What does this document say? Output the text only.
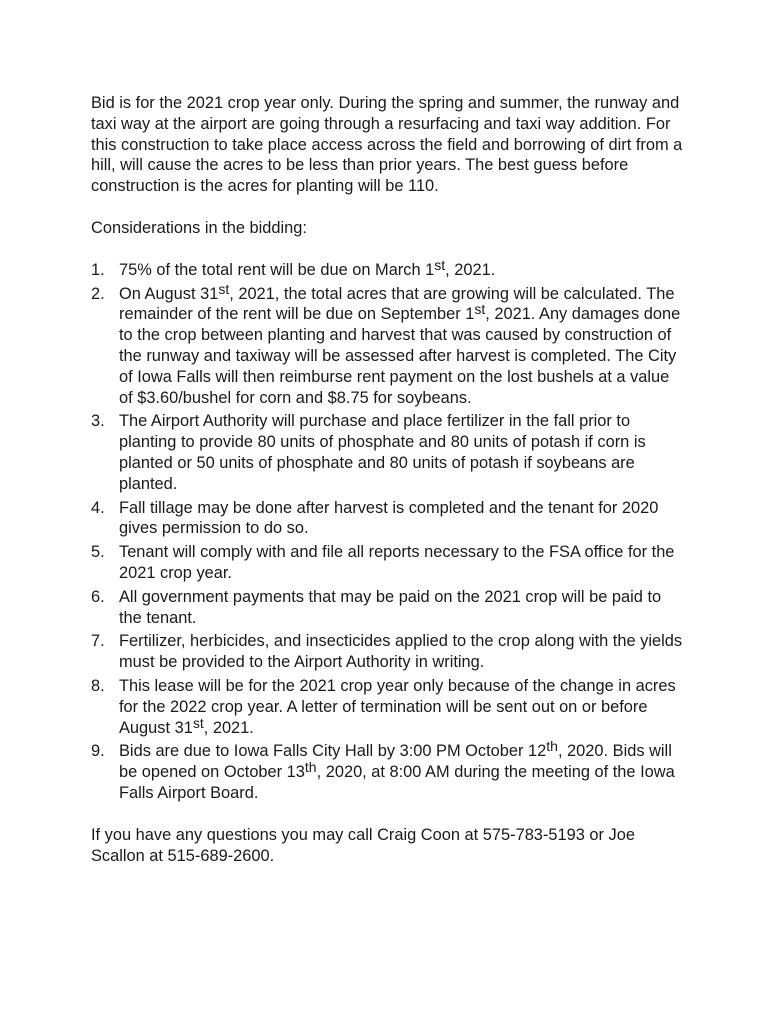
Bid is for the 2021 crop year only. During the spring and summer, the runway and taxi way at the airport are going through a resurfacing and taxi way addition. For this construction to take place access across the field and borrowing of dirt from a hill, will cause the acres to be less than prior years. The best guess before construction is the acres for planting will be 110.

Considerations in the bidding:

1. 75% of the total rent will be due on March 1st, 2021.
2. On August 31st, 2021, the total acres that are growing will be calculated. The remainder of the rent will be due on September 1st, 2021. Any damages done to the crop between planting and harvest that was caused by construction of the runway and taxiway will be assessed after harvest is completed. The City of Iowa Falls will then reimburse rent payment on the lost bushels at a value of $3.60/bushel for corn and $8.75 for soybeans.
3. The Airport Authority will purchase and place fertilizer in the fall prior to planting to provide 80 units of phosphate and 80 units of potash if corn is planted or 50 units of phosphate and 80 units of potash if soybeans are planted.
4. Fall tillage may be done after harvest is completed and the tenant for 2020 gives permission to do so.
5. Tenant will comply with and file all reports necessary to the FSA office for the 2021 crop year.
6. All government payments that may be paid on the 2021 crop will be paid to the tenant.
7. Fertilizer, herbicides, and insecticides applied to the crop along with the yields must be provided to the Airport Authority in writing.
8. This lease will be for the 2021 crop year only because of the change in acres for the 2022 crop year. A letter of termination will be sent out on or before August 31st, 2021.
9. Bids are due to Iowa Falls City Hall by 3:00 PM October 12th, 2020. Bids will be opened on October 13th, 2020, at 8:00 AM during the meeting of the Iowa Falls Airport Board.

If you have any questions you may call Craig Coon at 575-783-5193 or Joe Scallon at 515-689-2600.
